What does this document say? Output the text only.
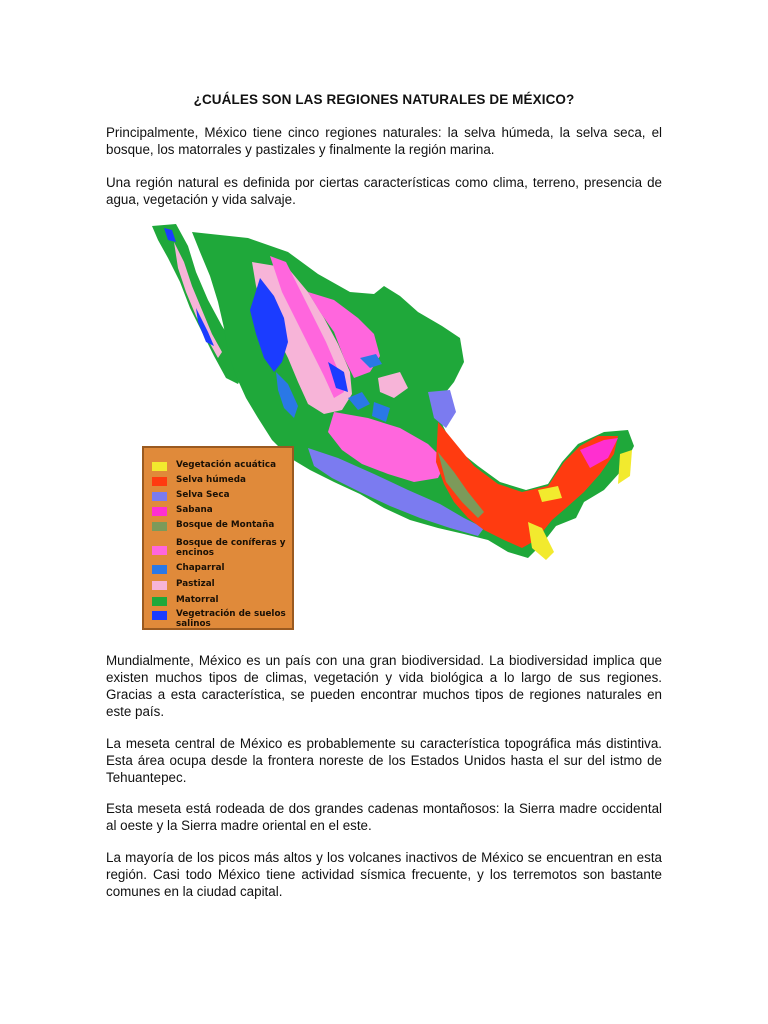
¿CUÁLES SON LAS REGIONES NATURALES DE MÉXICO?

Principalmente, México tiene cinco regiones naturales: la selva húmeda, la selva seca, el bosque, los matorrales y pastizales y finalmente la región marina.

Una región natural es definida por ciertas características como clima, terreno, presencia de agua, vegetación y vida salvaje.

Vegetación acuática
Selva húmeda
Selva Seca
Sabana
Bosque de Montaña
Bosque de coníferas y encinos
Chaparral
Pastizal
Matorral
Vegetración de suelos salinos

Mundialmente, México es un país con una gran biodiversidad. La biodiversidad implica que existen muchos tipos de climas, vegetación y vida biológica a lo largo de sus regiones. Gracias a esta característica, se pueden encontrar muchos tipos de regiones naturales en este país.

La meseta central de México es probablemente su característica topográfica más distintiva. Esta área ocupa desde la frontera noreste de los Estados Unidos hasta el sur del istmo de Tehuantepec.

Esta meseta está rodeada de dos grandes cadenas montañosos: la Sierra madre occidental al oeste y la Sierra madre oriental en el este.

La mayoría de los picos más altos y los volcanes inactivos de México se encuentran en esta región. Casi todo México tiene actividad sísmica frecuente, y los terremotos son bastante comunes en la ciudad capital.
